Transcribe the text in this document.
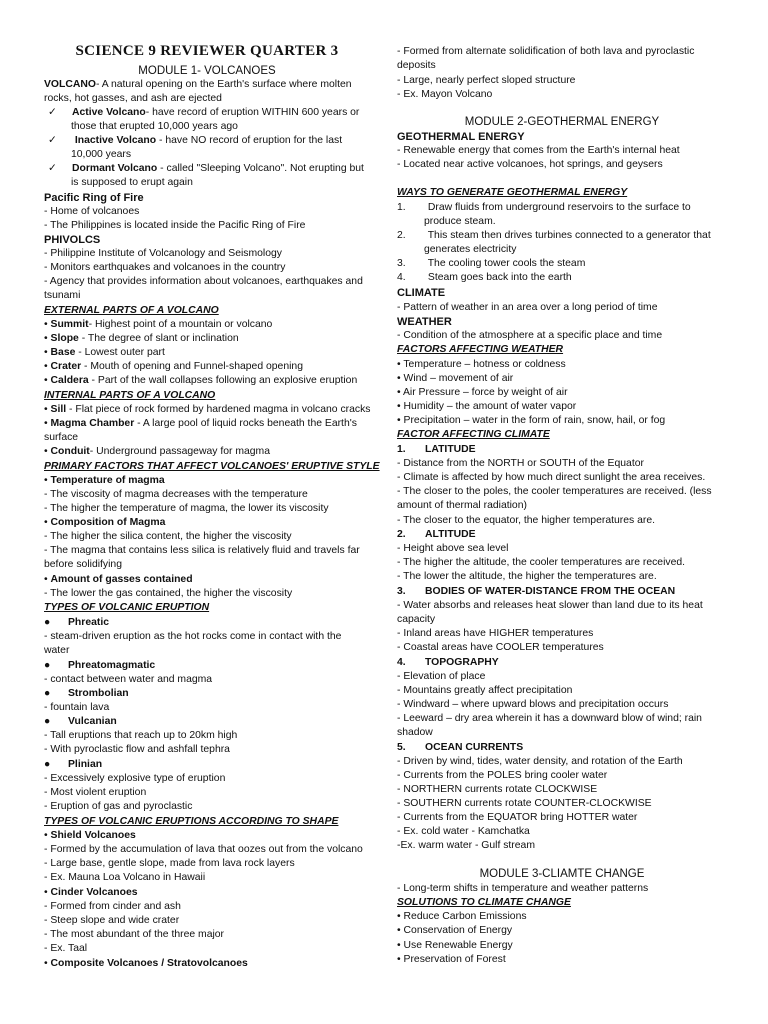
SCIENCE 9 REVIEWER QUARTER 3
MODULE 1- VOLCANOES
VOLCANO- A natural opening on the Earth's surface where molten
rocks, hot gasses, and ash are ejected
✓ Active Volcano- have record of eruption WITHIN 600 years or
those that erupted 10,000 years ago
✓ Inactive Volcano - have NO record of eruption for the last
10,000 years
✓ Dormant Volcano - called "Sleeping Volcano". Not erupting but
is supposed to erupt again
Pacific Ring of Fire
- Home of volcanoes
- The Philippines is located inside the Pacific Ring of Fire
PHIVOLCS
- Philippine Institute of Volcanology and Seismology
- Monitors earthquakes and volcanoes in the country
- Agency that provides information about volcanoes, earthquakes and
tsunami
EXTERNAL PARTS OF A VOLCANO
• Summit- Highest point of a mountain or volcano
• Slope - The degree of slant or inclination
• Base - Lowest outer part
• Crater - Mouth of opening and Funnel-shaped opening
• Caldera - Part of the wall collapses following an explosive eruption
INTERNAL PARTS OF A VOLCANO
• Sill - Flat piece of rock formed by hardened magma in volcano cracks
• Magma Chamber - A large pool of liquid rocks beneath the Earth's
surface
• Conduit- Underground passageway for magma
PRIMARY FACTORS THAT AFFECT VOLCANOES' ERUPTIVE STYLE
• Temperature of magma
- The viscosity of magma decreases with the temperature
- The higher the temperature of magma, the lower its viscosity
• Composition of Magma
- The higher the silica content, the higher the viscosity
- The magma that contains less silica is relatively fluid and travels far
before solidifying
• Amount of gasses contained
- The lower the gas contained, the higher the viscosity
TYPES OF VOLCANIC ERUPTION
● Phreatic
- steam-driven eruption as the hot rocks come in contact with the
water
● Phreatomagmatic
- contact between water and magma
● Strombolian
- fountain lava
● Vulcanian
- Tall eruptions that reach up to 20km high
- With pyroclastic flow and ashfall tephra
● Plinian
- Excessively explosive type of eruption
- Most violent eruption
- Eruption of gas and pyroclastic
TYPES OF VOLCANIC ERUPTIONS ACCORDING TO SHAPE
• Shield Volcanoes
- Formed by the accumulation of lava that oozes out from the volcano
- Large base, gentle slope, made from lava rock layers
- Ex. Mauna Loa Volcano in Hawaii
• Cinder Volcanoes
- Formed from cinder and ash
- Steep slope and wide crater
- The most abundant of the three major
- Ex. Taal
• Composite Volcanoes / Stratovolcanoes
- Formed from alternate solidification of both lava and pyroclastic
deposits
- Large, nearly perfect sloped structure
- Ex. Mayon Volcano
MODULE 2-GEOTHERMAL ENERGY
GEOTHERMAL ENERGY
- Renewable energy that comes from the Earth's internal heat
- Located near active volcanoes, hot springs, and geysers
WAYS TO GENERATE GEOTHERMAL ENERGY
1. Draw fluids from underground reservoirs to the surface to
produce steam.
2. This steam then drives turbines connected to a generator that
generates electricity
3. The cooling tower cools the steam
4. Steam goes back into the earth
CLIMATE
- Pattern of weather in an area over a long period of time
WEATHER
- Condition of the atmosphere at a specific place and time
FACTORS AFFECTING WEATHER
• Temperature – hotness or coldness
• Wind – movement of air
• Air Pressure – force by weight of air
• Humidity – the amount of water vapor
• Precipitation – water in the form of rain, snow, hail, or fog
FACTOR AFFECTING CLIMATE
1. LATITUDE
- Distance from the NORTH or SOUTH of the Equator
- Climate is affected by how much direct sunlight the area receives.
- The closer to the poles, the cooler temperatures are received. (less
amount of thermal radiation)
- The closer to the equator, the higher temperatures are.
2. ALTITUDE
- Height above sea level
- The higher the altitude, the cooler temperatures are received.
- The lower the altitude, the higher the temperatures are.
3. BODIES OF WATER-DISTANCE FROM THE OCEAN
- Water absorbs and releases heat slower than land due to its heat
capacity
- Inland areas have HIGHER temperatures
- Coastal areas have COOLER temperatures
4. TOPOGRAPHY
- Elevation of place
- Mountains greatly affect precipitation
- Windward – where upward blows and precipitation occurs
- Leeward – dry area wherein it has a downward blow of wind; rain
shadow
5. OCEAN CURRENTS
- Driven by wind, tides, water density, and rotation of the Earth
- Currents from the POLES bring cooler water
- NORTHERN currents rotate CLOCKWISE
- SOUTHERN currents rotate COUNTER-CLOCKWISE
- Currents from the EQUATOR bring HOTTER water
- Ex. cold water - Kamchatka
-Ex. warm water - Gulf stream
MODULE 3-CLIAMTE CHANGE
- Long-term shifts in temperature and weather patterns
SOLUTIONS TO CLIMATE CHANGE
• Reduce Carbon Emissions
• Conservation of Energy
• Use Renewable Energy
• Preservation of Forest
